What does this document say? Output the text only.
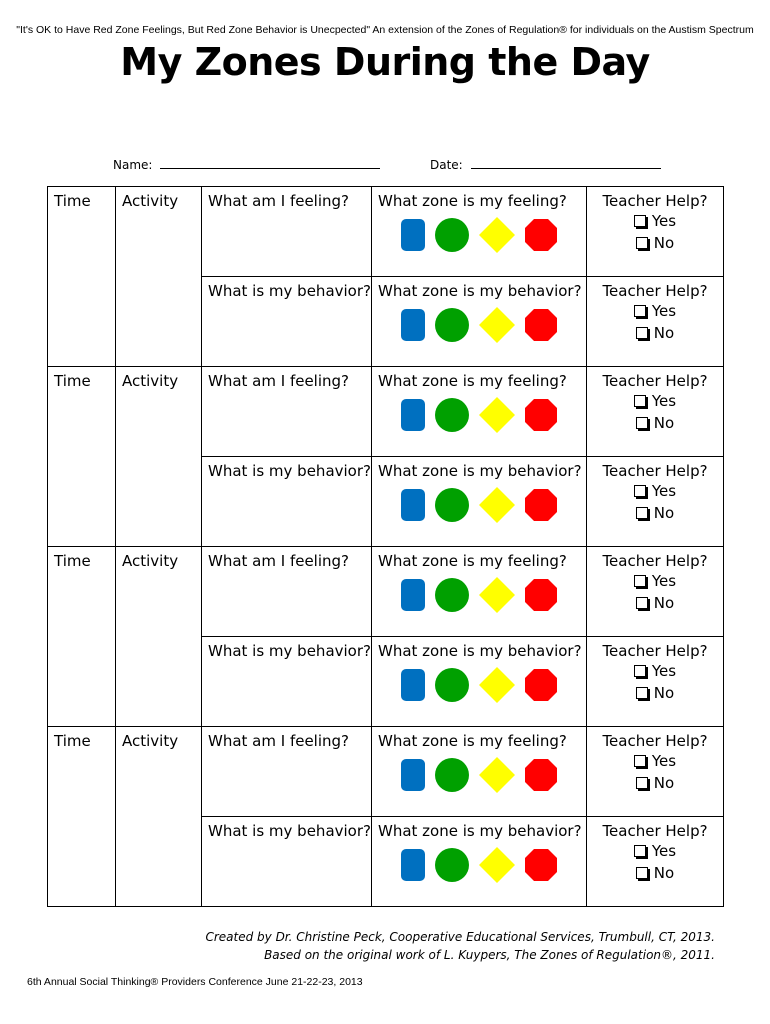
"It's OK to Have Red Zone Feelings, But Red Zone Behavior is Unecpected" An extension of the Zones of Regulation® for individuals on the Austism Spectrum
My Zones During the Day
Name:	Date:
Time	Activity	What am I feeling?	What zone is my feeling?	Teacher Help?
Yes
No

		What is my behavior?	What zone is my behavior?	Teacher Help?
Yes
No

Time	Activity	What am I feeling?	What zone is my feeling?	Teacher Help?
Yes
No

		What is my behavior?	What zone is my behavior?	Teacher Help?
Yes
No

Time	Activity	What am I feeling?	What zone is my feeling?	Teacher Help?
Yes
No

		What is my behavior?	What zone is my behavior?	Teacher Help?
Yes
No

Time	Activity	What am I feeling?	What zone is my feeling?	Teacher Help?
Yes
No

		What is my behavior?	What zone is my behavior?	Teacher Help?
Yes
No
Created by Dr. Christine Peck, Cooperative Educational Services, Trumbull, CT, 2013.
Based on the original work of L. Kuypers, The Zones of Regulation®, 2011.
6th Annual Social Thinking® Providers Conference June 21-22-23, 2013
